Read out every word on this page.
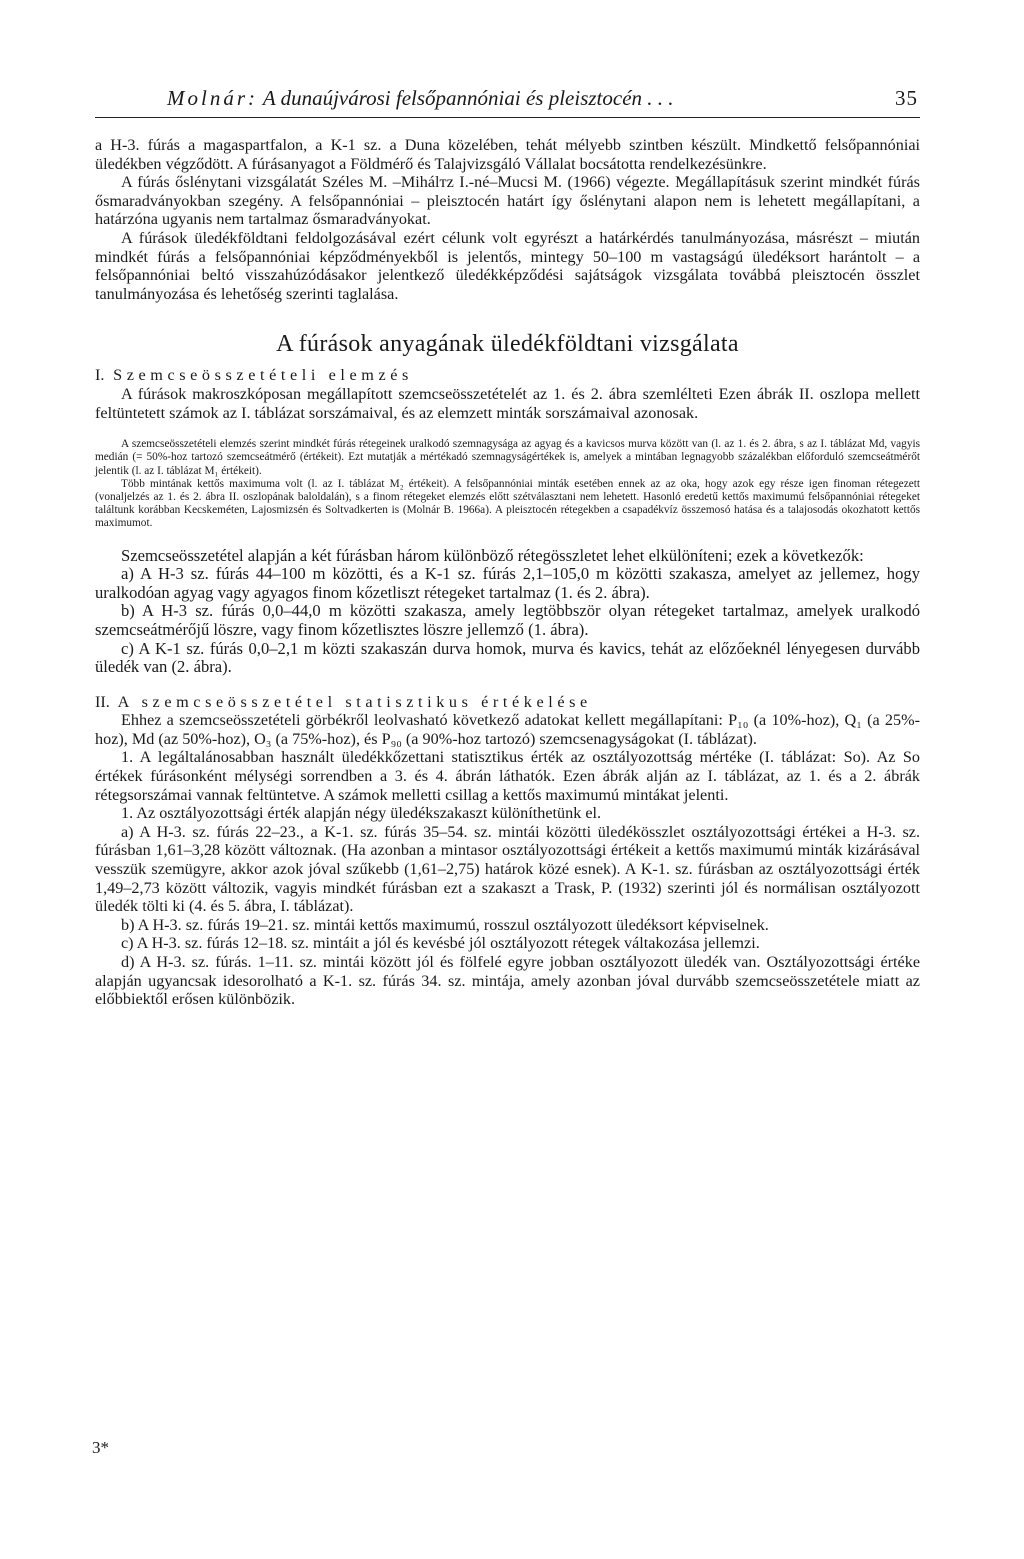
Molnár: A dunaújvárosi felsőpannóniai és pleisztocén . . .	35

a H-3. fúrás a magaspartfalon, a K-1 sz. a Duna közelében, tehát mélyebb szintben készült. Mindkettő felsőpannóniai üledékben végződött. A fúrásanyagot a Földmérő és Talajvizsgáló Vállalat bocsátotta rendelkezésünkre.

A fúrás őslénytani vizsgálatát Széles M. –Mihálтz I.-né–Mucsi M. (1966) végezte. Megállapításuk szerint mindkét fúrás ősmaradványokban szegény. A felsőpannóniai – pleisztocén határt így őslénytani alapon nem is lehetett megállapítani, a határzóna ugyanis nem tartalmaz ősmaradványokat.

A fúrások üledékföldtani feldolgozásával ezért célunk volt egyrészt a határkérdés tanulmányozása, másrészt – miután mindkét fúrás a felsőpannóniai képződményekből is jelentős, mintegy 50–100 m vastagságú üledéksort harántolt – a felsőpannóniai beltó visszahúzódásakor jelentkező üledékképződési sajátságok vizsgálata továbbá pleisztocén összlet tanulmányozása és lehetőség szerinti taglalása.

A fúrások anyagának üledékföldtani vizsgálata

I. Szemcseösszetételi elemzés

A fúrások makroszkóposan megállapított szemcseösszetételét az 1. és 2. ábra szemlélteti Ezen ábrák II. oszlopa mellett feltüntetett számok az I. táblázat sorszámaival, és az elemzett minták sorszámaival azonosak.

A szemcseösszetételi elemzés szerint mindkét fúrás rétegeinek uralkodó szemnagysága az agyag és a kavicsos murva között van (l. az 1. és 2. ábra, s az I. táblázat Md, vagyis medián (= 50%-hoz tartozó szemcseátmérő (értékeit). Ezt mutatják a mértékadó szemnagyságértékek is, amelyek a mintában legnagyobb százalékban előforduló szemcseátmérőt jelentik (l. az I. táblázat M₁ értékeit).

Több mintának kettős maximuma volt (l. az I. táblázat M₂ értékeit). A felsőpannóniai minták esetében ennek az az oka, hogy azok egy része igen finoman rétegezett (vonaljelzés az 1. és 2. ábra II. oszlopának baloldalán), s a finom rétegeket elemzés előtt szétválasztani nem lehetett. Hasonló eredetű kettős maximumú felsőpannóniai rétegeket találtunk korábban Kecskeméten, Lajosmizsén és Soltvadkerten is (Molnár B. 1966a). A pleisztocén rétegekben a csapadékvíz összemosó hatása és a talajosodás okozhatott kettős maximumot.

Szemcseösszetétel alapján a két fúrásban három különböző rétegösszletet lehet elkülöníteni; ezek a következők:

a) A H-3 sz. fúrás 44–100 m közötti, és a K-1 sz. fúrás 2,1–105,0 m közötti szakasza, amelyet az jellemez, hogy uralkodóan agyag vagy agyagos finom kőzetliszt rétegeket tartalmaz (1. és 2. ábra).

b) A H-3 sz. fúrás 0,0–44,0 m közötti szakasza, amely legtöbbször olyan rétegeket tartalmaz, amelyek uralkodó szemcseátmérőjű löszre, vagy finom kőzetlisztes löszre jellemző (1. ábra).

c) A K-1 sz. fúrás 0,0–2,1 m közti szakaszán durva homok, murva és kavics, tehát az előzőeknél lényegesen durvább üledék van (2. ábra).

II. A szemcseösszetétel statisztikus értékelése

Ehhez a szemcseösszetételi görbékről leolvasható következő adatokat kellett megállapítani: P₁₀ (a 10%-hoz), Q₁ (a 25%-hoz), Md (az 50%-hoz), O₃ (a 75%-hoz), és P₉₀ (a 90%-hoz tartozó) szemcsenagyságokat (I. táblázat).

1. A legáltalánosabban használt üledékkőzettani statisztikus érték az osztályozottság mértéke (I. táblázat: So). Az So értékek fúrásonként mélységi sorrendben a 3. és 4. ábrán láthatók. Ezen ábrák alján az I. táblázat, az 1. és a 2. ábrák rétegsorszámai vannak feltüntetve. A számok melletti csillag a kettős maximumú mintákat jelenti.

1. Az osztályozottsági érték alapján négy üledékszakaszt különíthetünk el.

a) A H-3. sz. fúrás 22–23., a K-1. sz. fúrás 35–54. sz. mintái közötti üledékösszlet osztályozottsági értékei a H-3. sz. fúrásban 1,61–3,28 között változnak. (Ha azonban a mintasor osztályozottsági értékeit a kettős maximumú minták kizárásával vesszük szemügyre, akkor azok jóval szűkebb (1,61–2,75) határok közé esnek). A K-1. sz. fúrásban az osztályozottsági érték 1,49–2,73 között változik, vagyis mindkét fúrásban ezt a szakaszt a Trask, P. (1932) szerinti jól és normálisan osztályozott üledék tölti ki (4. és 5. ábra, I. táblázat).

b) A H-3. sz. fúrás 19–21. sz. mintái kettős maximumú, rosszul osztályozott üledéksort képviselnek.

c) A H-3. sz. fúrás 12–18. sz. mintáit a jól és kevésbé jól osztályozott rétegek váltakozása jellemzi.

d) A H-3. sz. fúrás. 1–11. sz. mintái között jól és fölfelé egyre jobban osztályozott üledék van. Osztályozottsági értéke alapján ugyancsak idesorolható a K-1. sz. fúrás 34. sz. mintája, amely azonban jóval durvább szemcseösszetétele miatt az előbbiektől erősen különbözik.

3*
